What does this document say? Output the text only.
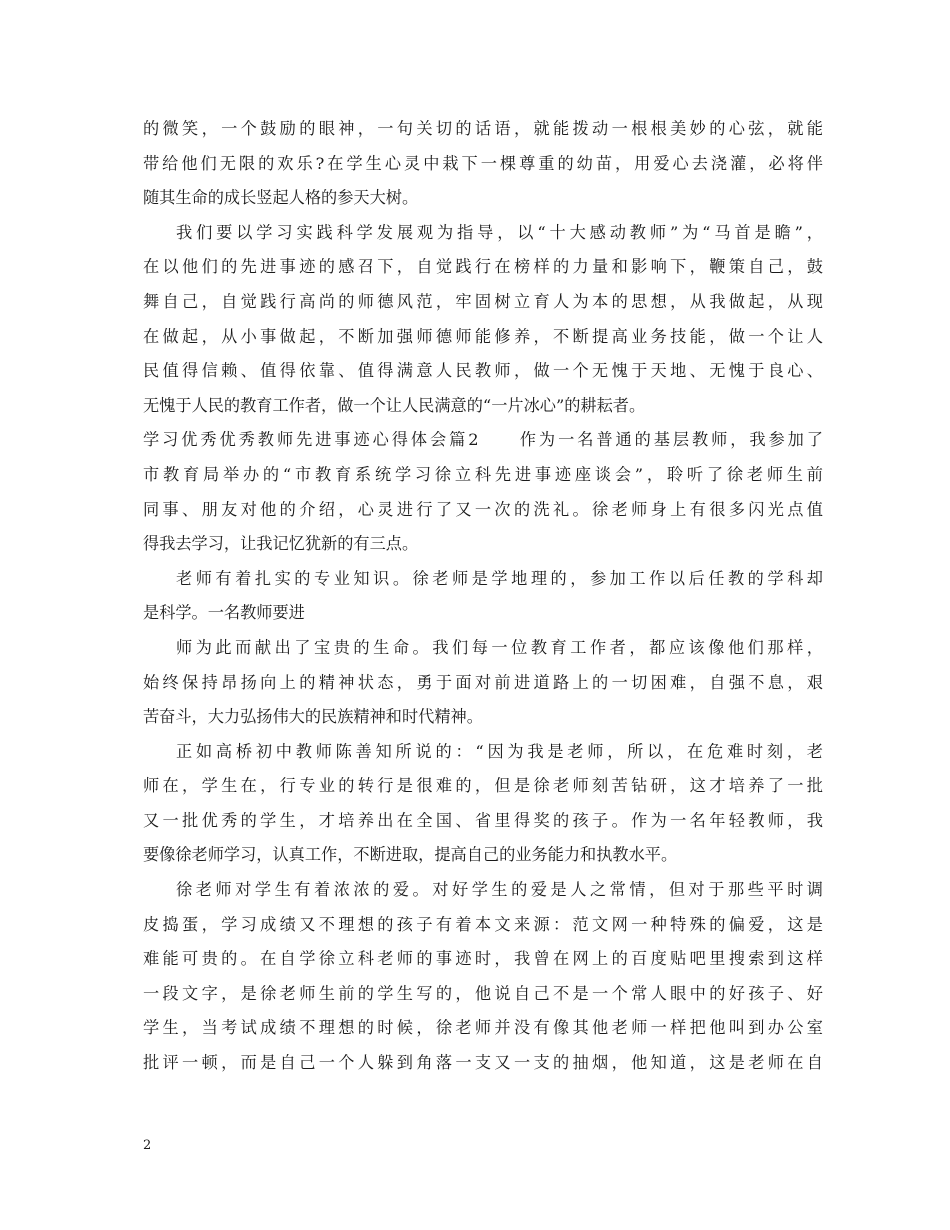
的微笑，一个鼓励的眼神，一句关切的话语，就能拨动一根根美妙的心弦，就能
带给他们无限的欢乐?在学生心灵中栽下一棵尊重的幼苗，用爱心去浇灌，必将伴
随其生命的成长竖起人格的参天大树。
我们要以学习实践科学发展观为指导，以“十大感动教师”为“马首是瞻”，
在以他们的先进事迹的感召下，自觉践行在榜样的力量和影响下，鞭策自己，鼓
舞自己，自觉践行高尚的师德风范，牢固树立育人为本的思想，从我做起，从现
在做起，从小事做起，不断加强师德师能修养，不断提高业务技能，做一个让人
民值得信赖、值得依靠、值得满意人民教师，做一个无愧于天地、无愧于良心、
无愧于人民的教育工作者，做一个让人民满意的“一片冰心”的耕耘者。
学习优秀优秀教师先进事迹心得体会篇2　　作为一名普通的基层教师，我参加了
市教育局举办的“市教育系统学习徐立科先进事迹座谈会”，聆听了徐老师生前
同事、朋友对他的介绍，心灵进行了又一次的洗礼。徐老师身上有很多闪光点值
得我去学习，让我记忆犹新的有三点。
老师有着扎实的专业知识。徐老师是学地理的，参加工作以后任教的学科却
是科学。一名教师要进
师为此而献出了宝贵的生命。我们每一位教育工作者，都应该像他们那样，
始终保持昂扬向上的精神状态，勇于面对前进道路上的一切困难，自强不息，艰
苦奋斗，大力弘扬伟大的民族精神和时代精神。
正如高桥初中教师陈善知所说的：“因为我是老师，所以，在危难时刻，老
师在，学生在，行专业的转行是很难的，但是徐老师刻苦钻研，这才培养了一批
又一批优秀的学生，才培养出在全国、省里得奖的孩子。作为一名年轻教师，我
要像徐老师学习，认真工作，不断进取，提高自己的业务能力和执教水平。
徐老师对学生有着浓浓的爱。对好学生的爱是人之常情，但对于那些平时调
皮捣蛋，学习成绩又不理想的孩子有着本文来源：范文网一种特殊的偏爱，这是
难能可贵的。在自学徐立科老师的事迹时，我曾在网上的百度贴吧里搜索到这样
一段文字，是徐老师生前的学生写的，他说自己不是一个常人眼中的好孩子、好
学生，当考试成绩不理想的时候，徐老师并没有像其他老师一样把他叫到办公室
批评一顿，而是自己一个人躲到角落一支又一支的抽烟，他知道，这是老师在自
2
